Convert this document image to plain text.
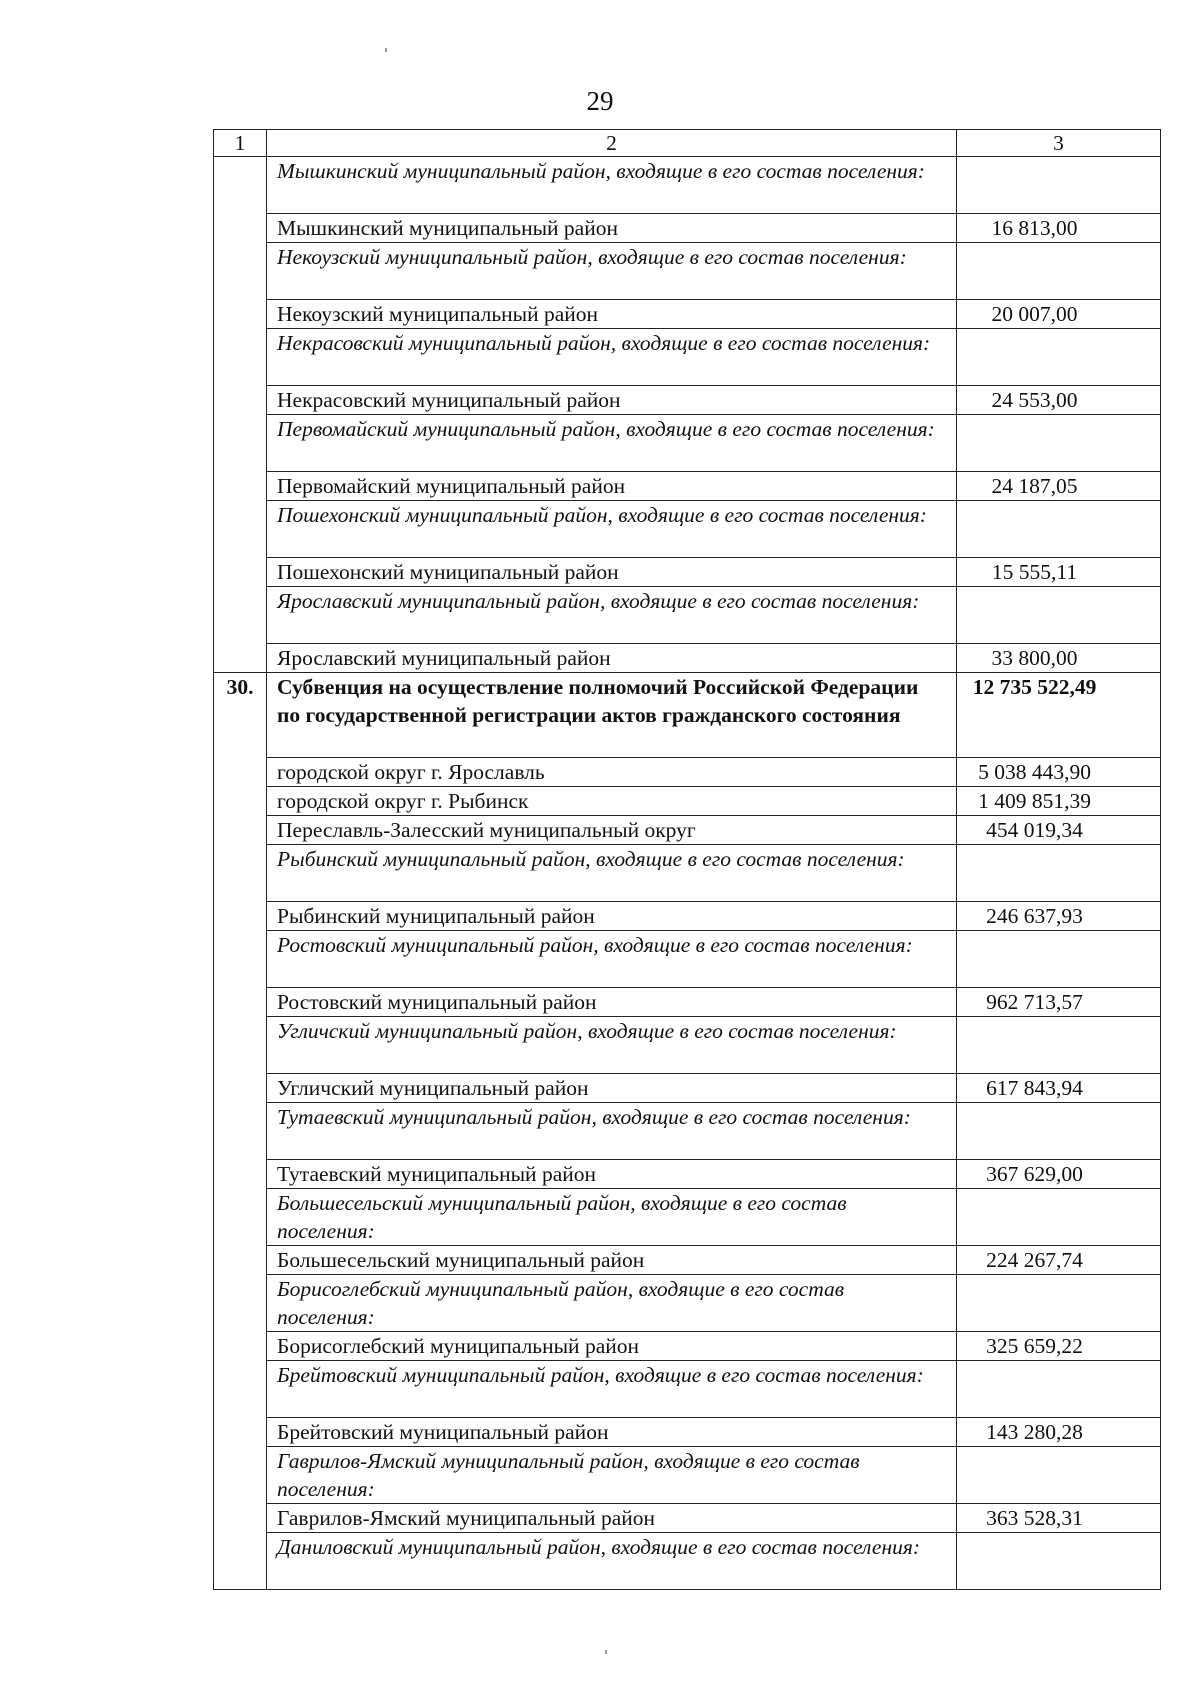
29
1	2	3
	Мышкинский муниципальный район, входящие в его состав поселения:	
	Мышкинский муниципальный район	16 813,00
	Некоузский муниципальный район, входящие в его состав поселения:	
	Некоузский муниципальный район	20 007,00
	Некрасовский муниципальный район, входящие в его состав поселения:	
	Некрасовский муниципальный район	24 553,00
	Первомайский муниципальный район, входящие в его состав поселения:	
	Первомайский муниципальный район	24 187,05
	Пошехонский муниципальный район, входящие в его состав поселения:	
	Пошехонский муниципальный район	15 555,11
	Ярославский муниципальный район, входящие в его состав поселения:	
	Ярославский муниципальный район	33 800,00
30.	Субвенция на осуществление полномочий Российской Федерации по государственной регистрации актов гражданского состояния	12 735 522,49
	городской округ г. Ярославль	5 038 443,90
	городской округ г. Рыбинск	1 409 851,39
	Переславль-Залесский муниципальный округ	454 019,34
	Рыбинский муниципальный район, входящие в его состав поселения:	
	Рыбинский муниципальный район	246 637,93
	Ростовский муниципальный район, входящие в его состав поселения:	
	Ростовский муниципальный район	962 713,57
	Угличский муниципальный район, входящие в его состав поселения:	
	Угличский муниципальный район	617 843,94
	Тутаевский муниципальный район, входящие в его состав поселения:	
	Тутаевский муниципальный район	367 629,00
	Большесельский муниципальный район, входящие в его состав поселения:	
	Большесельский муниципальный район	224 267,74
	Борисоглебский муниципальный район, входящие в его состав поселения:	
	Борисоглебский муниципальный район	325 659,22
	Брейтовский муниципальный район, входящие в его состав поселения:	
	Брейтовский муниципальный район	143 280,28
	Гаврилов-Ямский муниципальный район, входящие в его состав поселения:	
	Гаврилов-Ямский муниципальный район	363 528,31
	Даниловский муниципальный район, входящие в его состав поселения:	
